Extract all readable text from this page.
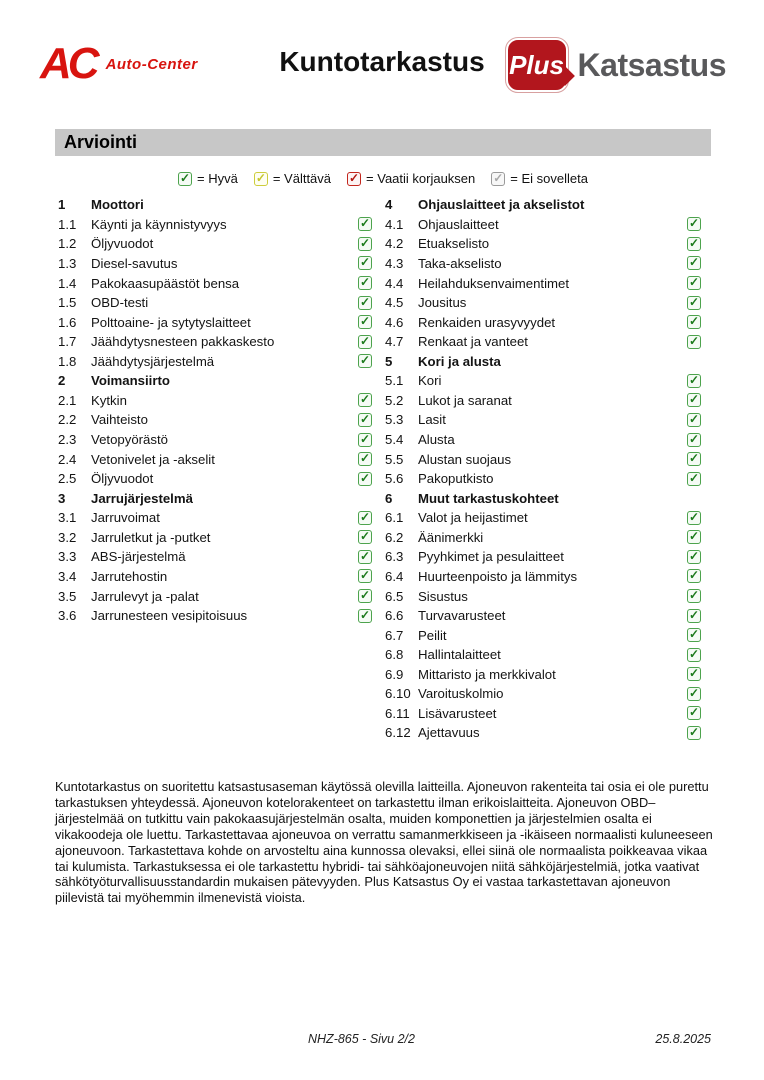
AC Auto-Center	Kuntotarkastus Plus Katsastus
Arviointi
✓ = Hyvä ✓ = Välttävä ✓ = Vaatii korjauksen ✓ = Ei sovelleta
1	Moottori
1.1	Käynti ja käynnistyvyys	✓
1.2	Öljyvuodot	✓
1.3	Diesel-savutus	✓
1.4	Pakokaasupäästöt bensa	✓
1.5	OBD-testi	✓
1.6	Polttoaine- ja sytytyslaitteet	✓
1.7	Jäähdytysnesteen pakkaskesto	✓
1.8	Jäähdytysjärjestelmä	✓
2	Voimansiirto
2.1	Kytkin	✓
2.2	Vaihteisto	✓
2.3	Vetopyörästö	✓
2.4	Vetonivelet ja -akselit	✓
2.5	Öljyvuodot	✓
3	Jarrujärjestelmä
3.1	Jarruvoimat	✓
3.2	Jarruletkut ja -putket	✓
3.3	ABS-järjestelmä	✓
3.4	Jarrutehostin	✓
3.5	Jarrulevyt ja -palat	✓
3.6	Jarrunesteen vesipitoisuus	✓
4	Ohjauslaitteet ja akselistot
4.1	Ohjauslaitteet	✓
4.2	Etuakselisto	✓
4.3	Taka-akselisto	✓
4.4	Heilahduksenvaimentimet	✓
4.5	Jousitus	✓
4.6	Renkaiden urasyvyydet	✓
4.7	Renkaat ja vanteet	✓
5	Kori ja alusta
5.1	Kori	✓
5.2	Lukot ja saranat	✓
5.3	Lasit	✓
5.4	Alusta	✓
5.5	Alustan suojaus	✓
5.6	Pakoputkisto	✓
6	Muut tarkastuskohteet
6.1	Valot ja heijastimet	✓
6.2	Äänimerkki	✓
6.3	Pyyhkimet ja pesulaitteet	✓
6.4	Huurteenpoisto ja lämmitys	✓
6.5	Sisustus	✓
6.6	Turvavarusteet	✓
6.7	Peilit	✓
6.8	Hallintalaitteet	✓
6.9	Mittaristo ja merkkivalot	✓
6.10 Varoituskolmio	✓
6.11 Lisävarusteet	✓
6.12 Ajettavuus	✓
Kuntotarkastus on suoritettu katsastusaseman käytössä olevilla laitteilla. Ajoneuvon rakenteita tai osia ei ole purettu tarkastuksen yhteydessä. Ajoneuvon kotelorakenteet on tarkastettu ilman erikoislaitteita. Ajoneuvon OBD–järjestelmää on tutkittu vain pakokaasujärjestelmän osalta, muiden komponettien ja järjestelmien osalta ei vikakoodeja ole luettu. Tarkastettavaa ajoneuvoa on verrattu samanmerkkiseen ja -ikäiseen normaalisti kuluneeseen ajoneuvoon. Tarkastettava kohde on arvosteltu aina kunnossa olevaksi, ellei siinä ole normaalista poikkeavaa vikaa tai kulumista. Tarkastuksessa ei ole tarkastettu hybridi- tai sähköajoneuvojen niitä sähköjärjestelmiä, jotka vaativat sähkötyöturvallisuusstandardin mukaisen pätevyyden. Plus Katsastus Oy ei vastaa tarkastettavan ajoneuvon piilevistä tai myöhemmin ilmenevistä vioista.
NHZ-865 - Sivu 2/2	25.8.2025
